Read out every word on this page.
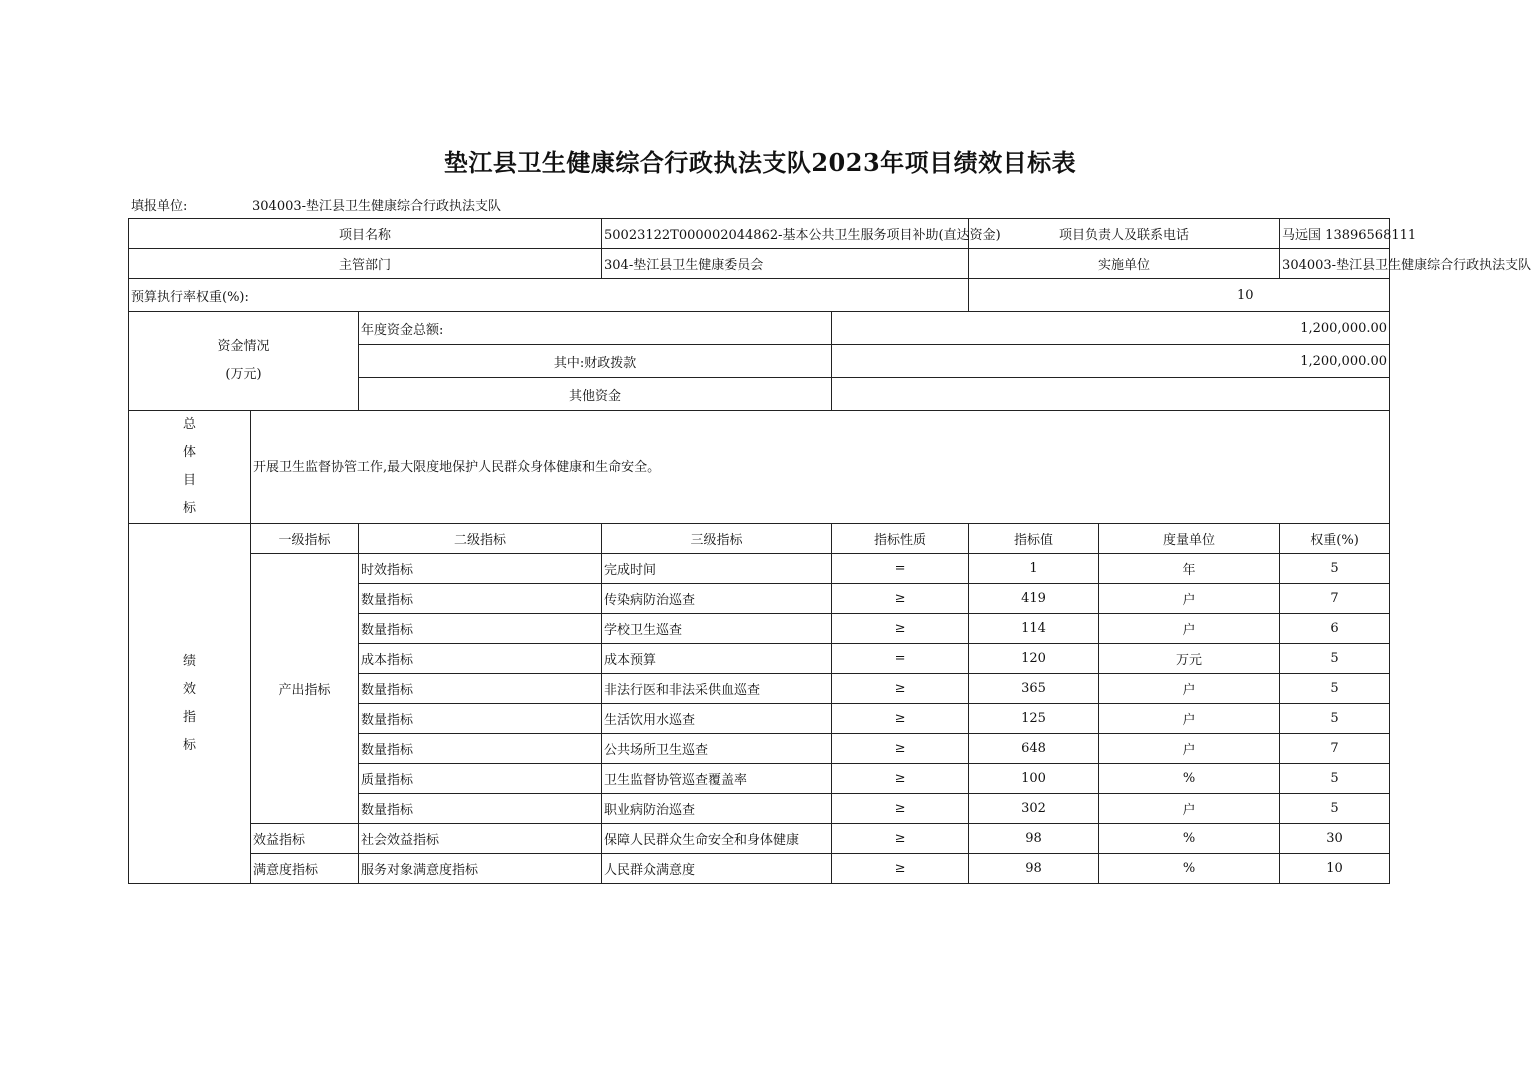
垫江县卫生健康综合行政执法支队2023年项目绩效目标表
填报单位:	304003-垫江县卫生健康综合行政执法支队
项目名称			50023122T000002044862-基本公共卫生服务项目补助(直达资金)		项目负责人及联系电话		马远国 13896568111
主管部门			304-垫江县卫生健康委员会		实施单位		304003-垫江县卫生健康综合行政执法支队
预算执行率权重(%):					10		

资金情况
(万元)		年度资金总额:		1,200,000.00			
		其中:财政拨款		1,200,000.00			
		其他资金					

总
体
目
标	开展卫生监督协管工作,最大限度地保护人民群众身体健康和生命安全。						

绩
效
指
标	一级指标	二级指标	三级指标	指标性质	指标值	度量单位	权重(%)
	产出指标	时效指标	完成时间	=	1	年	5
		数量指标	传染病防治巡查	≥	419	户	7
		数量指标	学校卫生巡查	≥	114	户	6
		成本指标	成本预算	=	120	万元	5
		数量指标	非法行医和非法采供血巡查	≥	365	户	5
		数量指标	生活饮用水巡查	≥	125	户	5
		数量指标	公共场所卫生巡查	≥	648	户	7
		质量指标	卫生监督协管巡查覆盖率	≥	100	%	5
		数量指标	职业病防治巡查	≥	302	户	5
	效益指标	社会效益指标	保障人民群众生命安全和身体健康	≥	98	%	30
	满意度指标	服务对象满意度指标	人民群众满意度	≥	98	%	10
